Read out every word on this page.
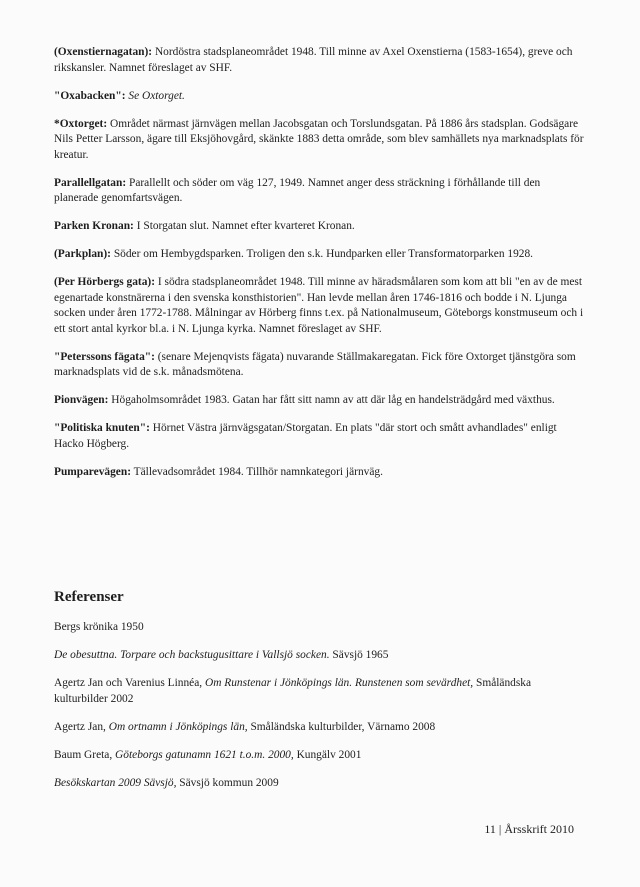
(Oxenstiernagatan): Nordöstra stadsplaneområdet 1948. Till minne av Axel Oxenstierna (1583-1654), greve och rikskansler. Namnet föreslaget av SHF.

"Oxabacken": Se Oxtorget.

*Oxtorget: Området närmast järnvägen mellan Jacobsgatan och Torslundsgatan. På 1886 års stadsplan. Godsägare Nils Petter Larsson, ägare till Eksjöhovgård, skänkte 1883 detta område, som blev samhällets nya marknadsplats för kreatur.

Parallellgatan: Parallellt och söder om väg 127, 1949. Namnet anger dess sträckning i förhållande till den planerade genomfartsvägen.

Parken Kronan: I Storgatan slut. Namnet efter kvarteret Kronan.

(Parkplan): Söder om Hembygdsparken. Troligen den s.k. Hundparken eller Transformatorparken 1928.

(Per Hörbergs gata): I södra stadsplaneområdet 1948. Till minne av häradsmålaren som kom att bli "en av de mest egenartade konstnärerna i den svenska konsthistorien". Han levde mellan åren 1746-1816 och bodde i N. Ljunga socken under åren 1772-1788. Målningar av Hörberg finns t.ex. på Nationalmuseum, Göteborgs konstmuseum och i ett stort antal kyrkor bl.a. i N. Ljunga kyrka. Namnet föreslaget av SHF.

"Peterssons fägata": (senare Mejenqvists fägata) nuvarande Ställmakaregatan. Fick före Oxtorget tjänstgöra som marknadsplats vid de s.k. månadsmötena.

Pionvägen: Högaholmsområdet 1983. Gatan har fått sitt namn av att där låg en handelsträdgård med växthus.

"Politiska knuten": Hörnet Västra järnvägsgatan/Storgatan. En plats "där stort och smått avhandlades" enligt Hacko Högberg.

Pumparevägen: Tällevadsområdet 1984. Tillhör namnkategori järnväg.

Referenser

Bergs krönika 1950

De obesuttna. Torpare och backstugusittare i Vallsjö socken. Sävsjö 1965

Agertz Jan och Varenius Linnéa, Om Runstenar i Jönköpings län. Runstenen som sevärdhet, Småländska kulturbilder 2002

Agertz Jan, Om ortnamn i Jönköpings län, Småländska kulturbilder, Värnamo 2008

Baum Greta, Göteborgs gatunamn 1621 t.o.m. 2000, Kungälv 2001

Besökskartan 2009 Sävsjö, Sävsjö kommun 2009

11 | Årsskrift 2010
